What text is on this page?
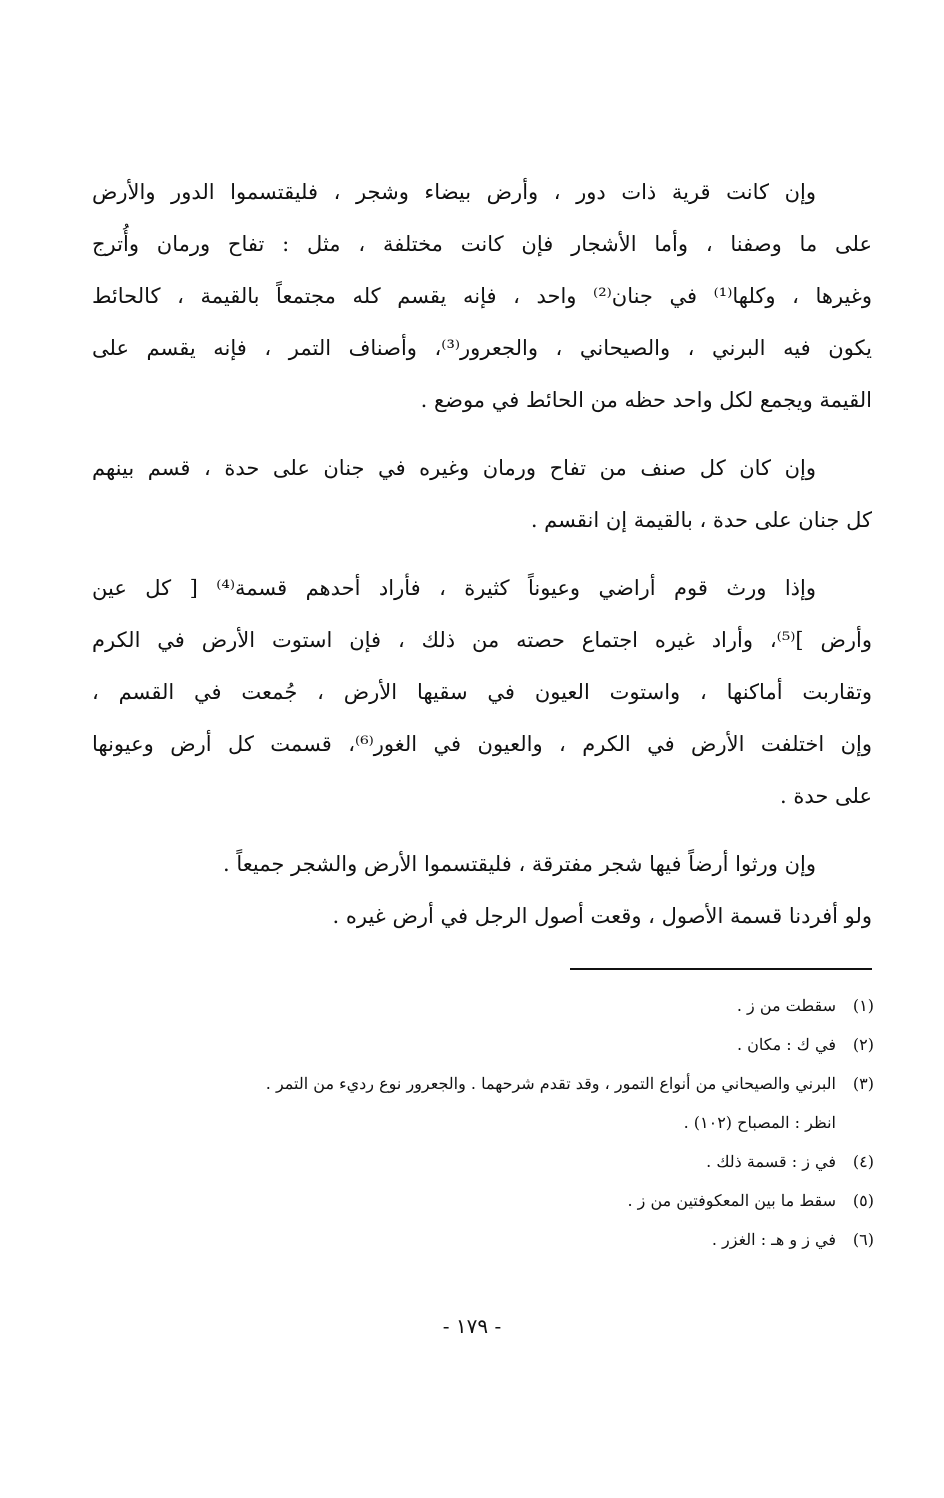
وإن كانت قرية ذات دور ، وأرض بيضاء وشجر ، فليقتسموا الدور والأرض
على ما وصفنا ، وأما الأشجار فإن كانت مختلفة ، مثل : تفاح ورمان وأُترج
وغيرها ، وكلها⁽¹⁾ في جنان⁽²⁾ واحد ، فإنه يقسم كله مجتمعاً بالقيمة ، كالحائط
يكون فيه البرني ، والصيحاني ، والجعرور⁽³⁾، وأصناف التمر ، فإنه يقسم على
القيمة ويجمع لكل واحد حظه من الحائط في موضع .
وإن كان كل صنف من تفاح ورمان وغيره في جنان على حدة ، قسم بينهم
كل جنان على حدة ، بالقيمة إن انقسم .
وإذا ورث قوم أراضي وعيوناً كثيرة ، فأراد أحدهم قسمة⁽⁴⁾ [ كل عين
وأرض ]⁽⁵⁾، وأراد غيره اجتماع حصته من ذلك ، فإن استوت الأرض في الكرم
وتقاربت أماكنها ، واستوت العيون في سقيها الأرض ، جُمعت في القسم ،
وإن اختلفت الأرض في الكرم ، والعيون في الغور⁽⁶⁾، قسمت كل أرض وعيونها
على حدة .
وإن ورثوا أرضاً فيها شجر مفترقة ، فليقتسموا الأرض والشجر جميعاً .
ولو أفردنا قسمة الأصول ، وقعت أصول الرجل في أرض غيره .
(١)سقطت من ز .
(٢)في ك : مكان .
(٣)البرني والصيحاني من أنواع التمور ، وقد تقدم شرحهما . والجعرور نوع رديء من التمر .
انظر : المصباح (١٠٢) .
(٤)في ز : قسمة ذلك .
(٥)سقط ما بين المعكوفتين من ز .
(٦)في ز و هـ : الغزر .
- ١٧٩ -
